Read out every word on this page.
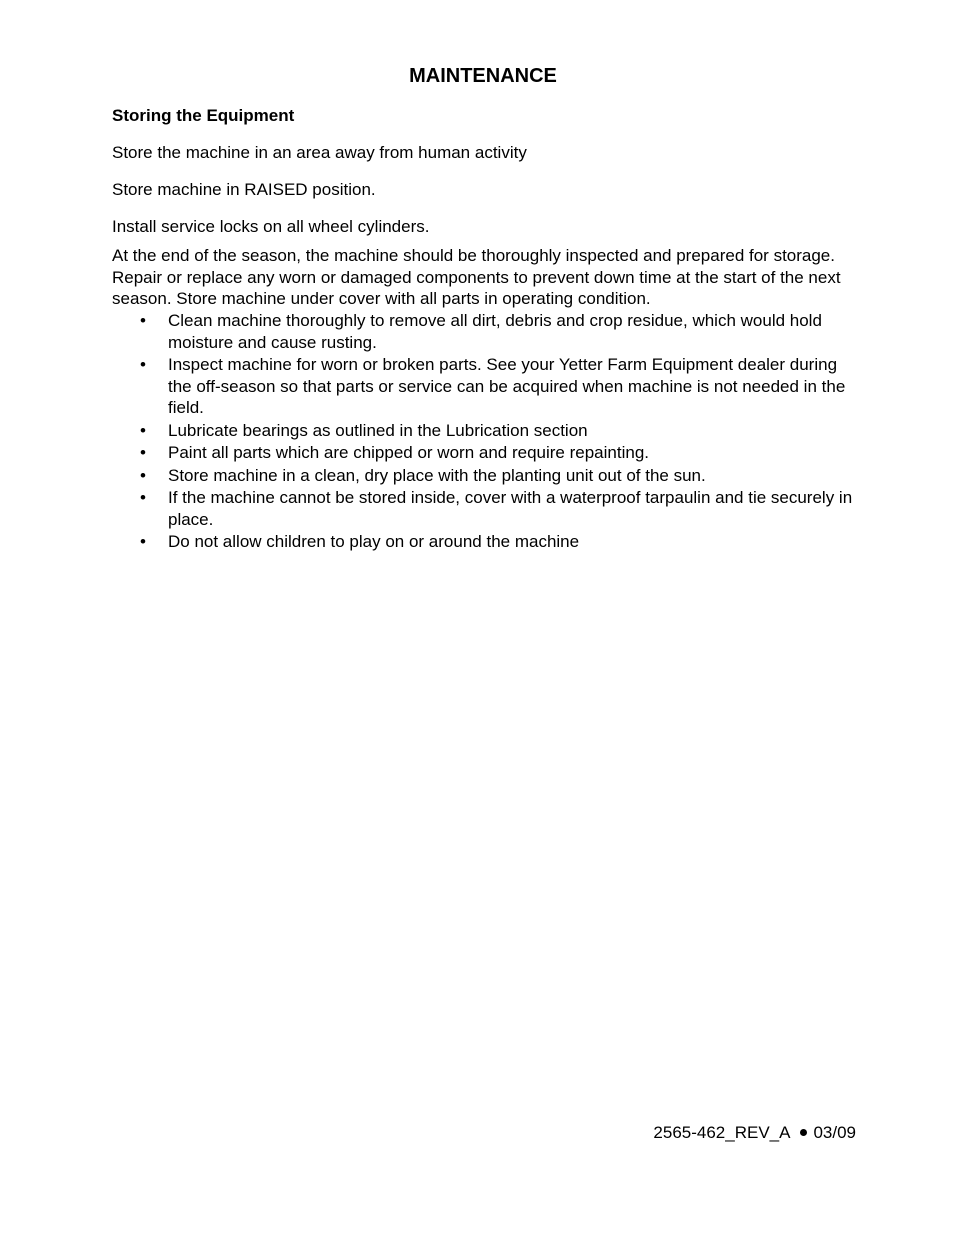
MAINTENANCE
Storing the Equipment

Store the machine in an area away from human activity

Store machine in RAISED position.

Install service locks on all wheel cylinders.

At the end of the season, the machine should be thoroughly inspected and prepared for storage. Repair or replace any worn or damaged components to prevent down time at the start of the next season. Store machine under cover with all parts in operating condition.

• Clean machine thoroughly to remove all dirt, debris and crop residue, which would hold moisture and cause rusting.
• Inspect machine for worn or broken parts. See your Yetter Farm Equipment dealer during the off-season so that parts or service can be acquired when machine is not needed in the field.
• Lubricate bearings as outlined in the Lubrication section
• Paint all parts which are chipped or worn and require repainting.
• Store machine in a clean, dry place with the planting unit out of the sun.
• If the machine cannot be stored inside, cover with a waterproof tarpaulin and tie securely in place.
• Do not allow children to play on or around the machine
2565-462_REV_A 03/09
